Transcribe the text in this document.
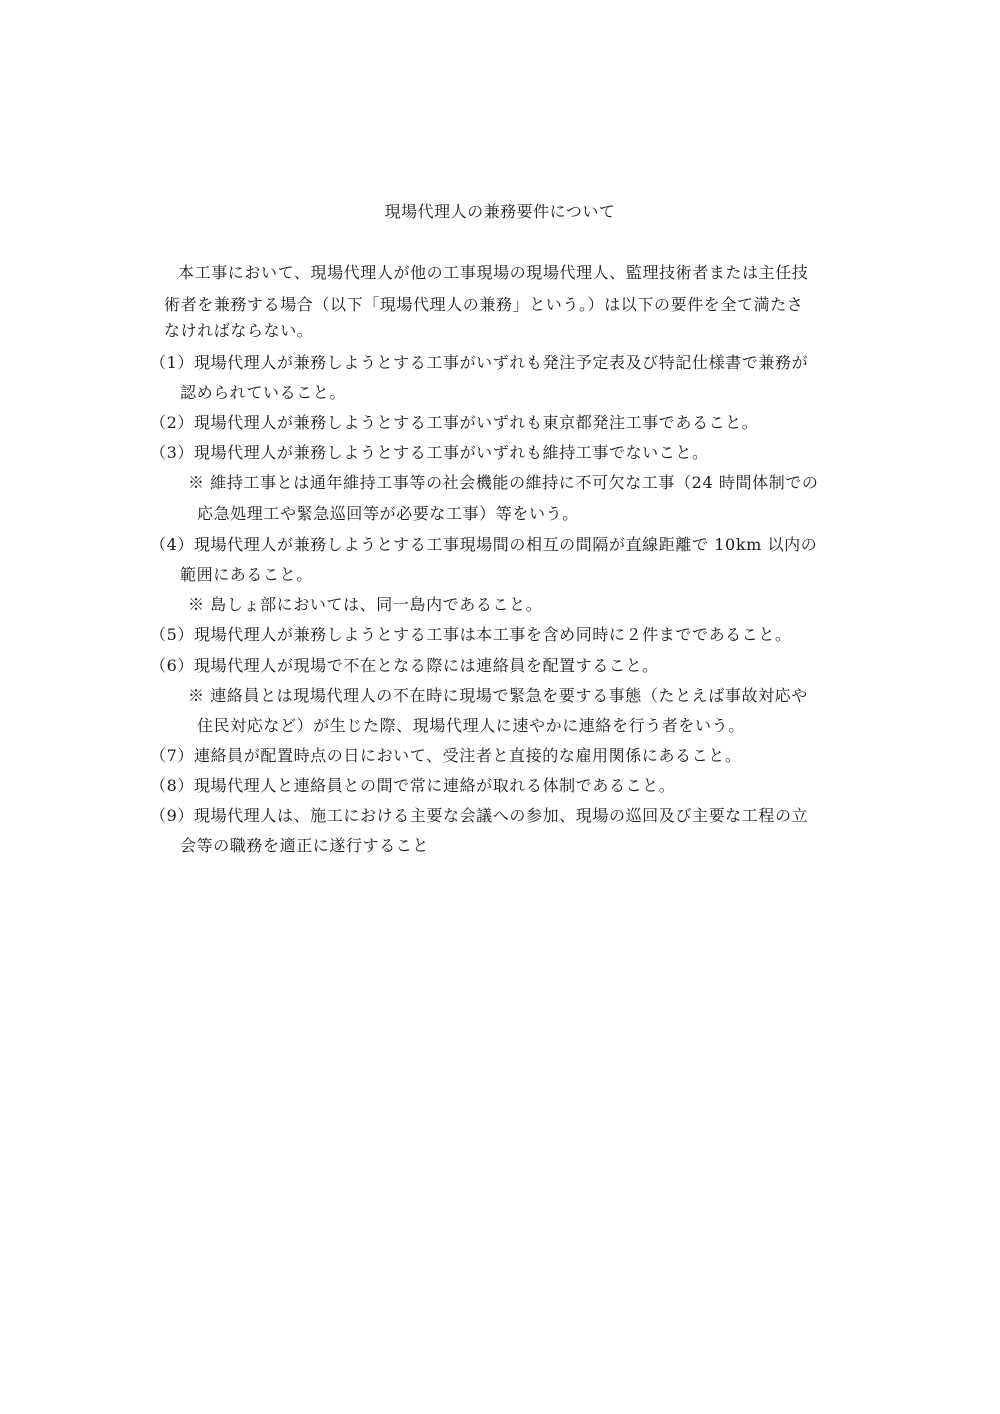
現場代理人の兼務要件について
本工事において、現場代理人が他の工事現場の現場代理人、監理技術者または主任技
術者を兼務する場合（以下「現場代理人の兼務」という。）は以下の要件を全て満たさ
なければならない。
（1）現場代理人が兼務しようとする工事がいずれも発注予定表及び特記仕様書で兼務が
認められていること。
（2）現場代理人が兼務しようとする工事がいずれも東京都発注工事であること。
（3）現場代理人が兼務しようとする工事がいずれも維持工事でないこと。
※ 維持工事とは通年維持工事等の社会機能の維持に不可欠な工事（24 時間体制での
応急処理工や緊急巡回等が必要な工事）等をいう。
（4）現場代理人が兼務しようとする工事現場間の相互の間隔が直線距離で 10km 以内の
範囲にあること。
※ 島しょ部においては、同一島内であること。
（5）現場代理人が兼務しようとする工事は本工事を含め同時に２件までであること。
（6）現場代理人が現場で不在となる際には連絡員を配置すること。
※ 連絡員とは現場代理人の不在時に現場で緊急を要する事態（たとえば事故対応や
住民対応など）が生じた際、現場代理人に速やかに連絡を行う者をいう。
（7）連絡員が配置時点の日において、受注者と直接的な雇用関係にあること。
（8）現場代理人と連絡員との間で常に連絡が取れる体制であること。
（9）現場代理人は、施工における主要な会議への参加、現場の巡回及び主要な工程の立
会等の職務を適正に遂行すること
